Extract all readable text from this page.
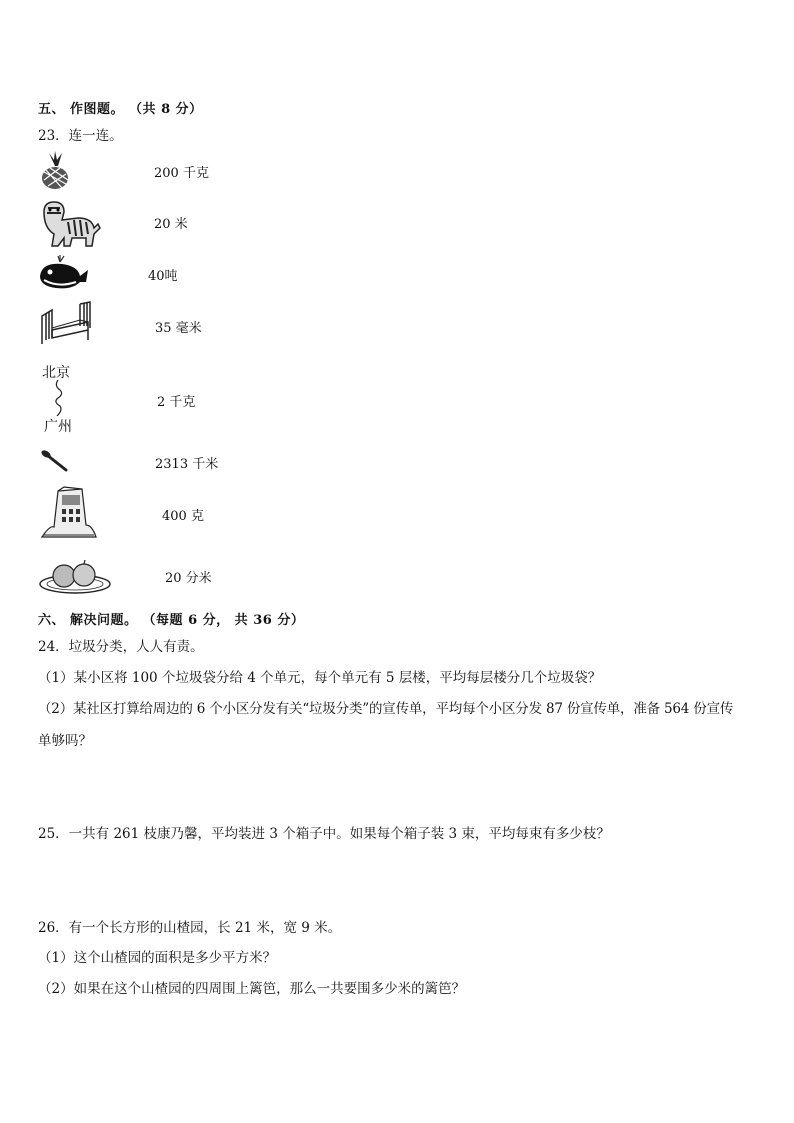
五、 作图题。 （共 8 分）
23．连一连。
200 千克
20 米
40吨
35 毫米
北京
广州
2 千克
2313 千米
400 克
20 分米
六、 解决问题。 （每题 6 分， 共 36 分）
24．垃圾分类，人人有责。
（1）某小区将 100 个垃圾袋分给 4 个单元，每个单元有 5 层楼，平均每层楼分几个垃圾袋？
（2）某社区打算给周边的 6 个小区分发有关“垃圾分类”的宣传单，平均每个小区分发 87 份宣传单，准备 564 份宣传
单够吗？
25．一共有 261 枝康乃馨，平均装进 3 个箱子中。如果每个箱子装 3 束，平均每束有多少枝？
26．有一个长方形的山楂园，长 21 米，宽 9 米。
（1）这个山楂园的面积是多少平方米？
（2）如果在这个山楂园的四周围上篱笆，那么一共要围多少米的篱笆？
